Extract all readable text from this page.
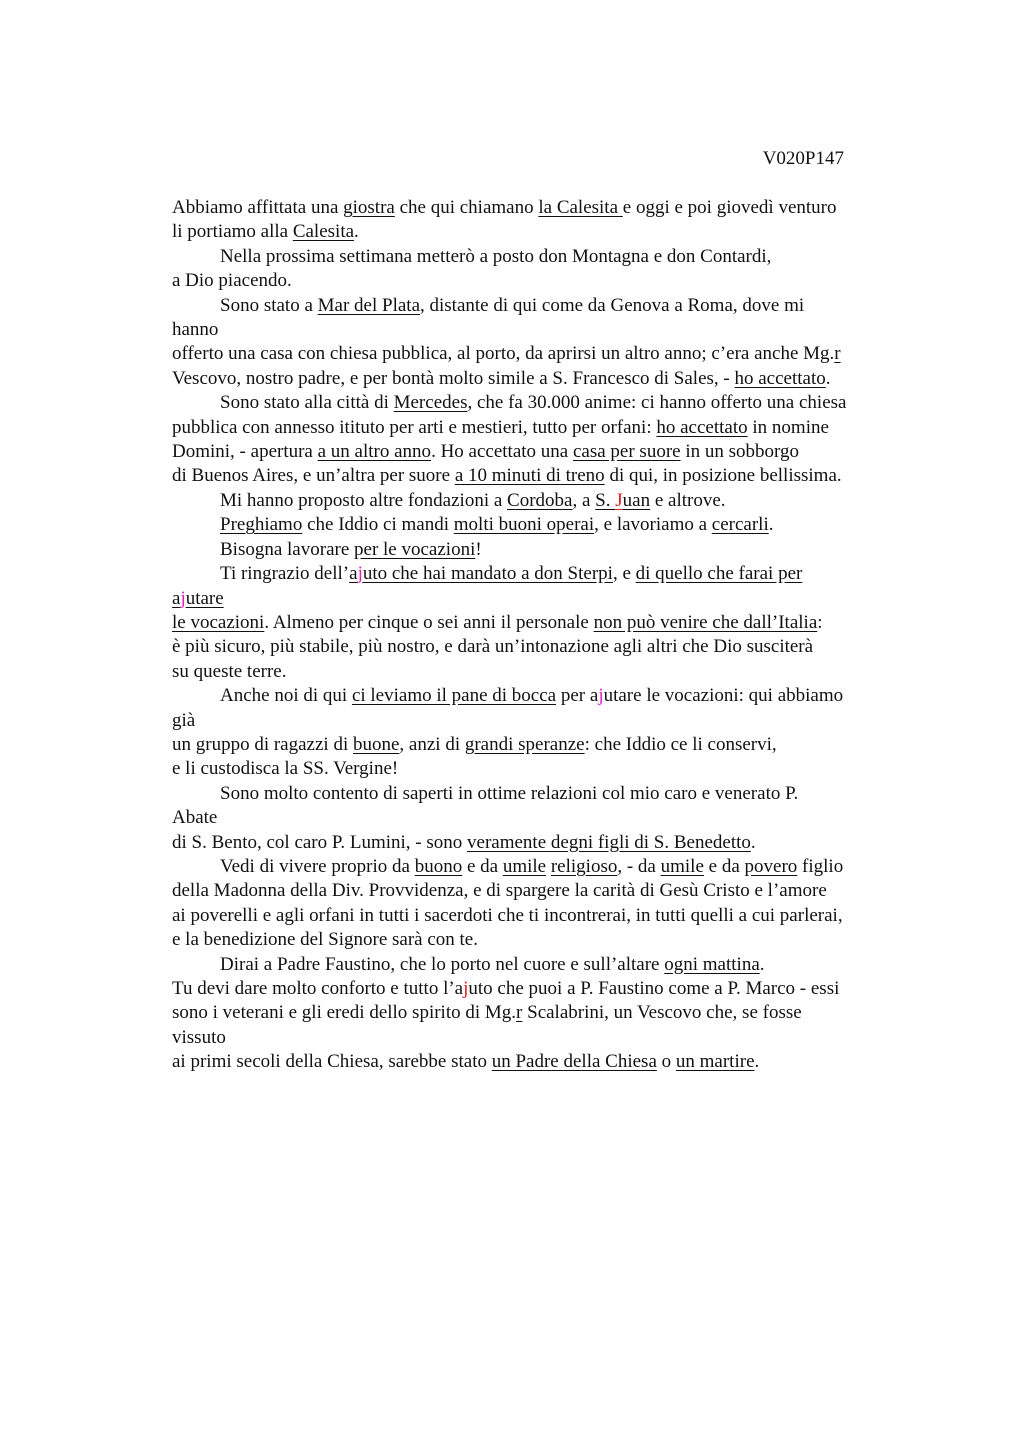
V020P147
Abbiamo affittata una giostra che qui chiamano la Calesita e oggi e poi giovedì venturo
li portiamo alla Calesita.
Nella prossima settimana metterò a posto don Montagna e don Contardi,
a Dio piacendo.
Sono stato a Mar del Plata, distante di qui come da Genova a Roma, dove mi
hanno
offerto una casa con chiesa pubblica, al porto, da aprirsi un altro anno; c’era anche Mg.r
Vescovo, nostro padre, e per bontà molto simile a S. Francesco di Sales, - ho accettato.
Sono stato alla città di Mercedes, che fa 30.000 anime: ci hanno offerto una chiesa
pubblica con annesso itituto per arti e mestieri, tutto per orfani: ho accettato in nomine
Domini, - apertura a un altro anno. Ho accettato una casa per suore in un sobborgo
di Buenos Aires, e un’altra per suore a 10 minuti di treno di qui, in posizione bellissima.
Mi hanno proposto altre fondazioni a Cordoba, a S. Juan e altrove.
Preghiamo che Iddio ci mandi molti buoni operai, e lavoriamo a cercarli.
Bisogna lavorare per le vocazioni!
Ti ringrazio dell’ajuto che hai mandato a don Sterpi, e di quello che farai per
ajutare
le vocazioni. Almeno per cinque o sei anni il personale non può venire che dall’Italia:
è più sicuro, più stabile, più nostro, e darà un’intonazione agli altri che Dio susciterà
su queste terre.
Anche noi di qui ci leviamo il pane di bocca per ajutare le vocazioni: qui abbiamo
già
un gruppo di ragazzi di buone, anzi di grandi speranze: che Iddio ce li conservi,
e li custodisca la SS. Vergine!
Sono molto contento di saperti in ottime relazioni col mio caro e venerato P.
Abate
di S. Bento, col caro P. Lumini, - sono veramente degni figli di S. Benedetto.
Vedi di vivere proprio da buono e da umile religioso, - da umile e da povero figlio
della Madonna della Div. Provvidenza, e di spargere la carità di Gesù Cristo e l’amore
ai poverelli e agli orfani in tutti i sacerdoti che ti incontrerai, in tutti quelli a cui parlerai,
e la benedizione del Signore sarà con te.
Dirai a Padre Faustino, che lo porto nel cuore e sull’altare ogni mattina.
Tu devi dare molto conforto e tutto l’ajuto che puoi a P. Faustino come a P. Marco - essi
sono i veterani e gli eredi dello spirito di Mg.r Scalabrini, un Vescovo che, se fosse
vissuto
ai primi secoli della Chiesa, sarebbe stato un Padre della Chiesa o un martire.
